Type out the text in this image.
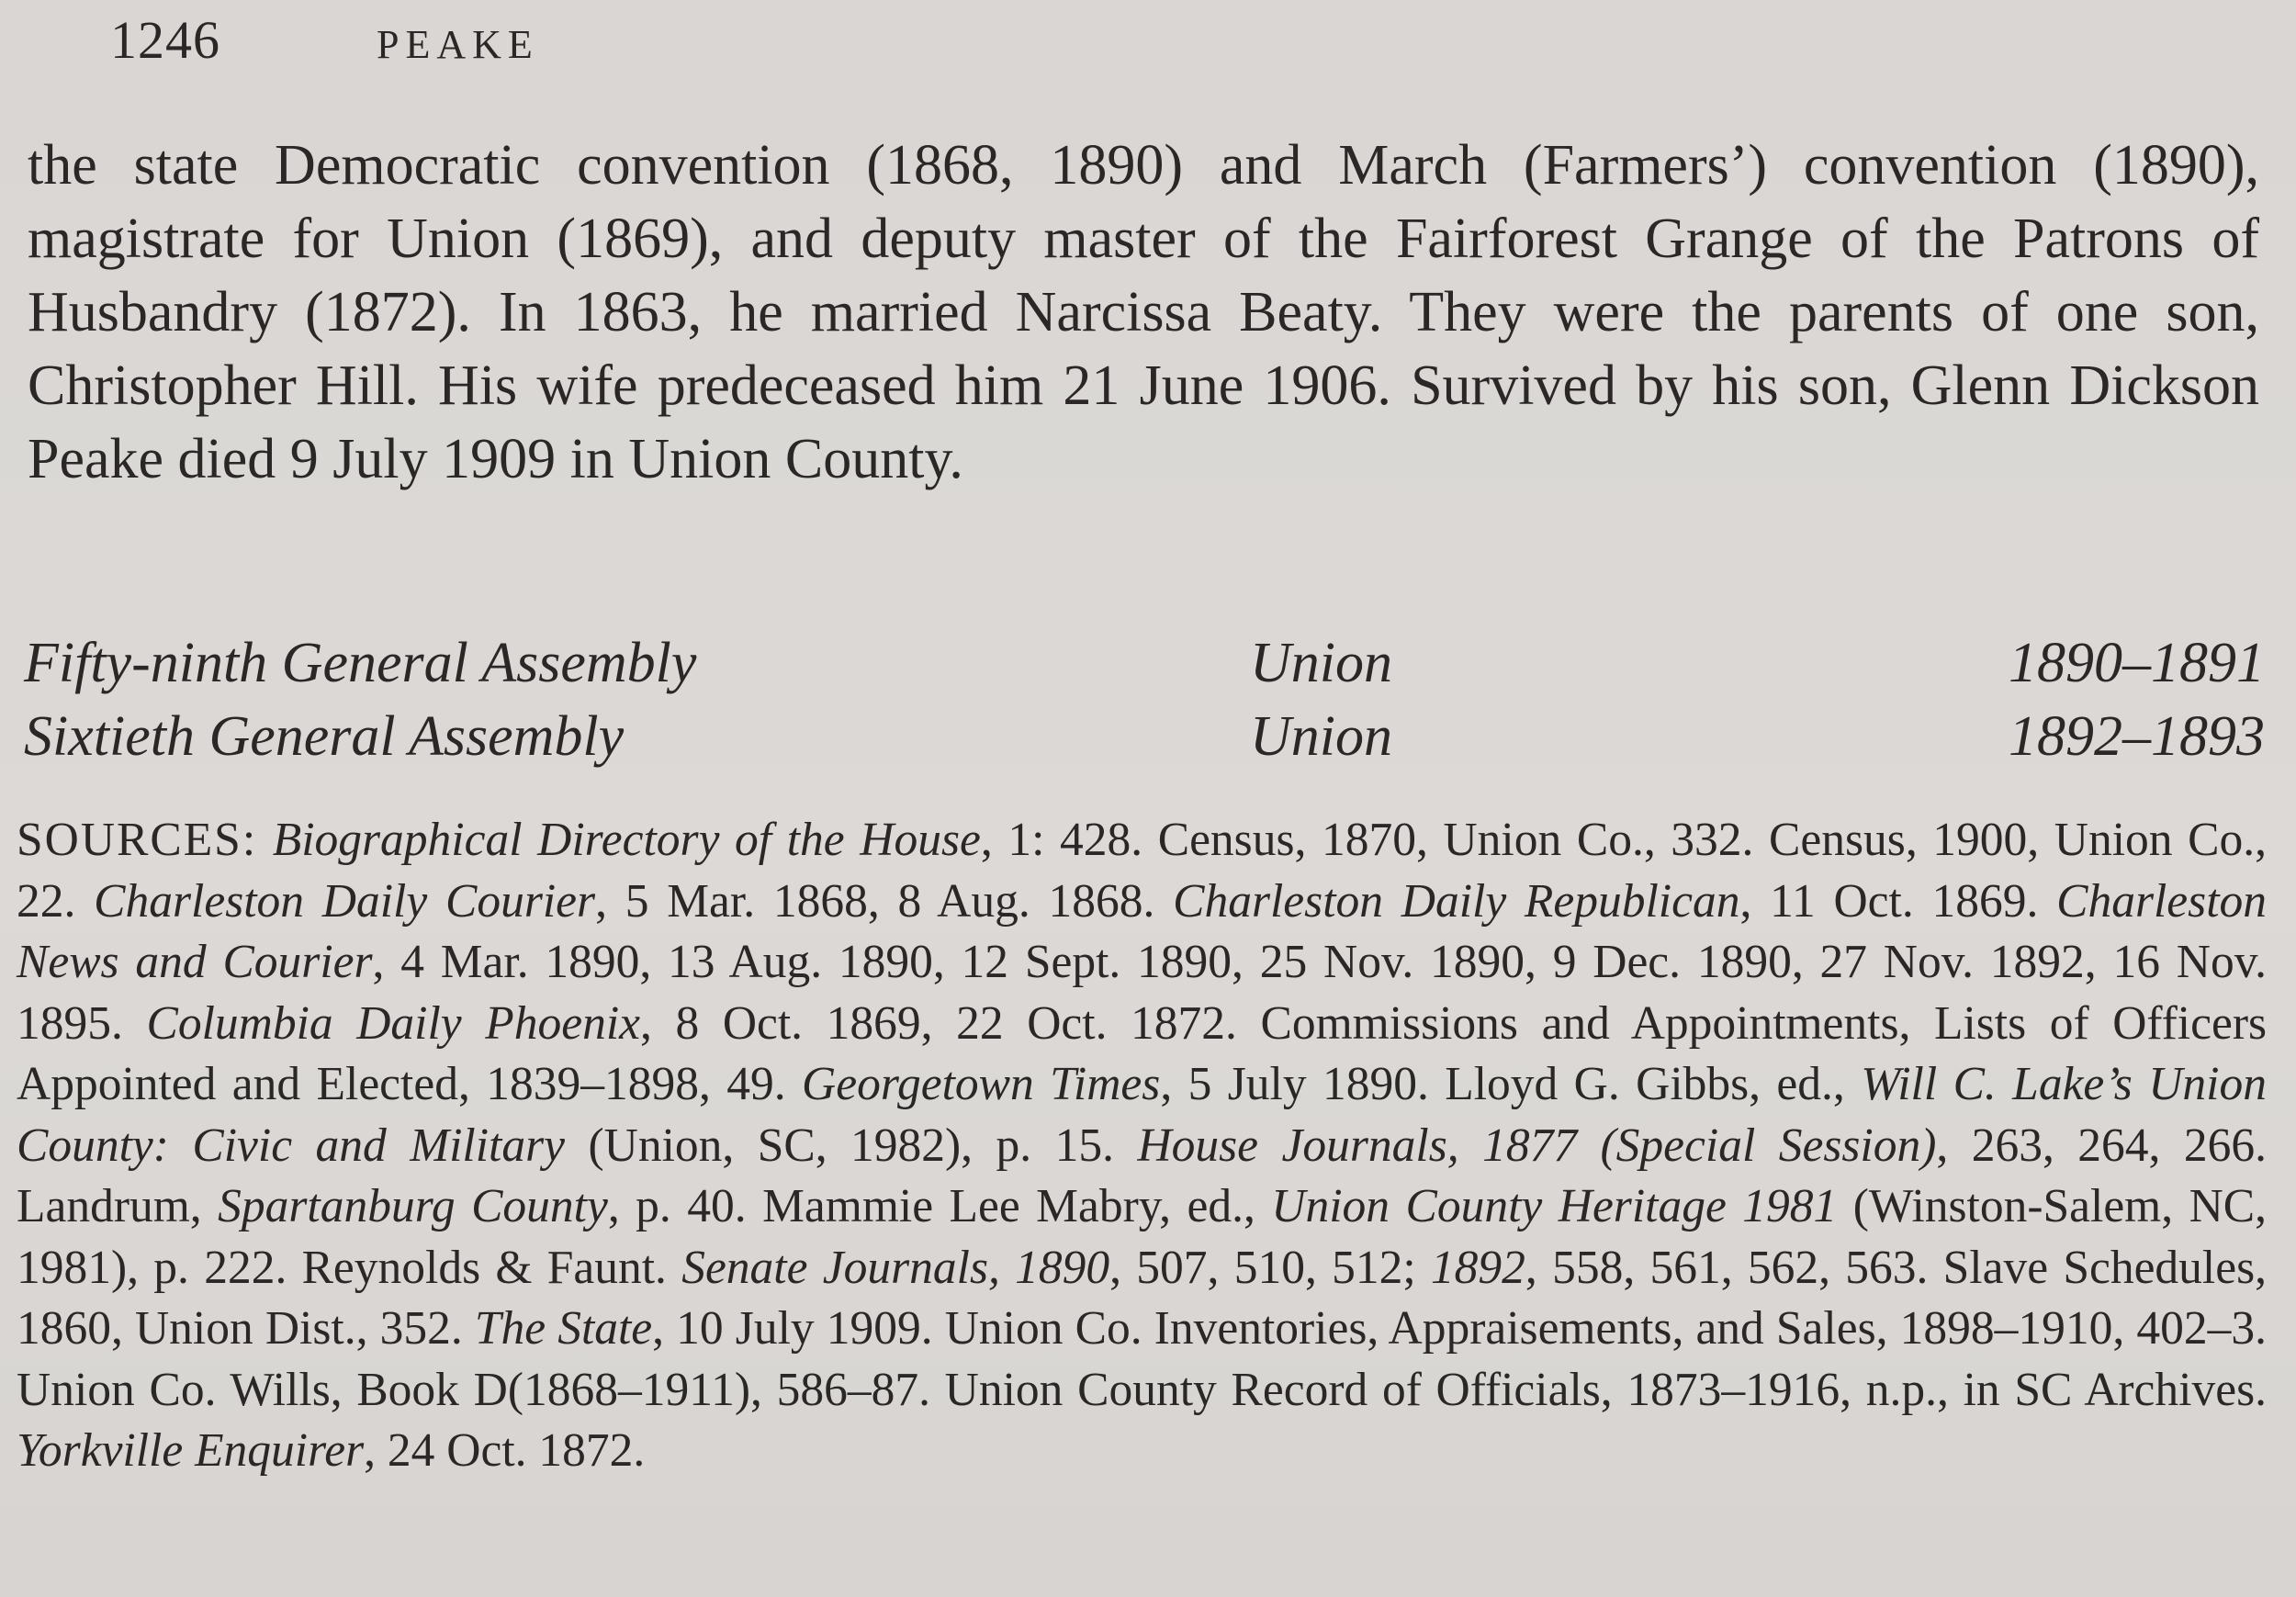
1246	PEAKE

the state Democratic convention (1868, 1890) and March (Farmers’) convention (1890), magistrate for Union (1869), and deputy master of the Fairforest Grange of the Patrons of Husbandry (1872). In 1863, he married Narcissa Beaty. They were the parents of one son, Christopher Hill. His wife predeceased him 21 June 1906. Survived by his son, Glenn Dickson Peake died 9 July 1909 in Union County.

Fifty-ninth General Assembly	Union	1890–1891
Sixtieth General Assembly	Union	1892–1893

SOURCES: Biographical Directory of the House, 1: 428. Census, 1870, Union Co., 332. Census, 1900, Union Co., 22. Charleston Daily Courier, 5 Mar. 1868, 8 Aug. 1868. Charleston Daily Republican, 11 Oct. 1869. Charleston News and Courier, 4 Mar. 1890, 13 Aug. 1890, 12 Sept. 1890, 25 Nov. 1890, 9 Dec. 1890, 27 Nov. 1892, 16 Nov. 1895. Columbia Daily Phoenix, 8 Oct. 1869, 22 Oct. 1872. Commissions and Appointments, Lists of Officers Appointed and Elected, 1839–1898, 49. Georgetown Times, 5 July 1890. Lloyd G. Gibbs, ed., Will C. Lake’s Union County: Civic and Military (Union, SC, 1982), p. 15. House Journals, 1877 (Special Session), 263, 264, 266. Landrum, Spartanburg County, p. 40. Mammie Lee Mabry, ed., Union County Heritage 1981 (Winston-Salem, NC, 1981), p. 222. Reynolds & Faunt. Senate Journals, 1890, 507, 510, 512; 1892, 558, 561, 562, 563. Slave Schedules, 1860, Union Dist., 352. The State, 10 July 1909. Union Co. Inventories, Appraisements, and Sales, 1898–1910, 402–3. Union Co. Wills, Book D(1868–1911), 586–87. Union County Record of Officials, 1873–1916, n.p., in SC Archives. Yorkville Enquirer, 24 Oct. 1872.
